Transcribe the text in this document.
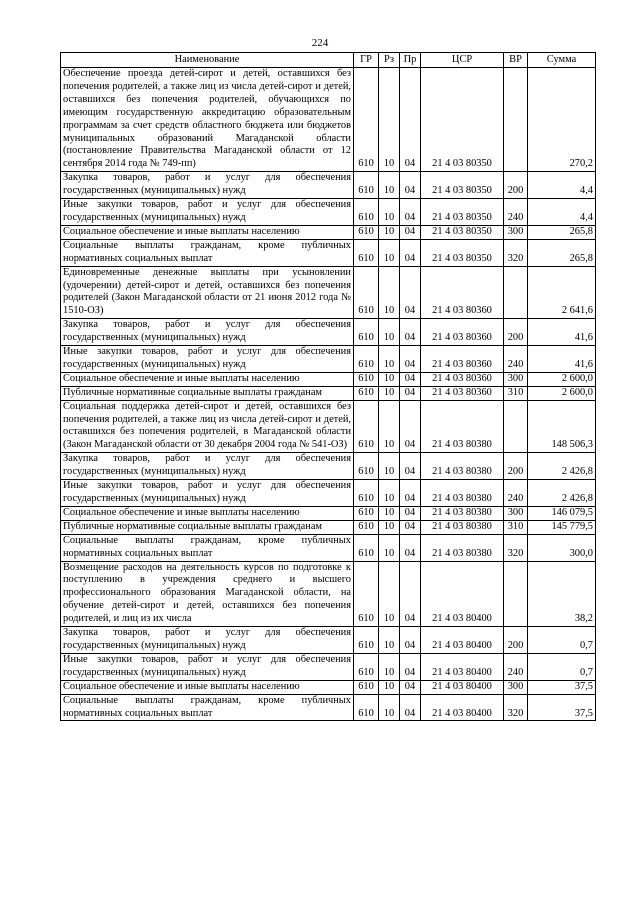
224
Наименование	ГР	Рз	Пр	ЦСР	ВР	Сумма
Обеспечение проезда детей-сирот и детей, оставшихся без попечения родителей, а также лиц из числа детей-сирот и детей, оставшихся без попечения родителей, обучающихся по имеющим государственную аккредитацию образовательным программам за счет средств областного бюджета или бюджетов муниципальных образований Магаданской области (постановление Правительства Магаданской области от 12 сентября 2014 года № 749-пп)	610	10	04	21 4 03 80350		270,2
Закупка товаров, работ и услуг для обеспечения государственных (муниципальных) нужд	610	10	04	21 4 03 80350	200	4,4
Иные закупки товаров, работ и услуг для обеспечения государственных (муниципальных) нужд	610	10	04	21 4 03 80350	240	4,4
Социальное обеспечение и иные выплаты населению	610	10	04	21 4 03 80350	300	265,8
Социальные выплаты гражданам, кроме публичных нормативных социальных выплат	610	10	04	21 4 03 80350	320	265,8
Единовременные денежные выплаты при усыновлении (удочерении) детей-сирот и детей, оставшихся без попечения родителей (Закон Магаданской области от 21 июня 2012 года № 1510-ОЗ)	610	10	04	21 4 03 80360		2 641,6
Закупка товаров, работ и услуг для обеспечения государственных (муниципальных) нужд	610	10	04	21 4 03 80360	200	41,6
Иные закупки товаров, работ и услуг для обеспечения государственных (муниципальных) нужд	610	10	04	21 4 03 80360	240	41,6
Социальное обеспечение и иные выплаты населению	610	10	04	21 4 03 80360	300	2 600,0
Публичные нормативные социальные выплаты гражданам	610	10	04	21 4 03 80360	310	2 600,0
Социальная поддержка детей-сирот и детей, оставшихся без попечения родителей, а также лиц из числа детей-сирот и детей, оставшихся без попечения родителей, в Магаданской области (Закон Магаданской области от 30 декабря 2004 года № 541-ОЗ)	610	10	04	21 4 03 80380		148 506,3
Закупка товаров, работ и услуг для обеспечения государственных (муниципальных) нужд	610	10	04	21 4 03 80380	200	2 426,8
Иные закупки товаров, работ и услуг для обеспечения государственных (муниципальных) нужд	610	10	04	21 4 03 80380	240	2 426,8
Социальное обеспечение и иные выплаты населению	610	10	04	21 4 03 80380	300	146 079,5
Публичные нормативные социальные выплаты гражданам	610	10	04	21 4 03 80380	310	145 779,5
Социальные выплаты гражданам, кроме публичных нормативных социальных выплат	610	10	04	21 4 03 80380	320	300,0
Возмещение расходов на деятельность курсов по подготовке к поступлению в учреждения среднего и высшего профессионального образования Магаданской области, на обучение детей-сирот и детей, оставшихся без попечения родителей, и лиц из их числа	610	10	04	21 4 03 80400		38,2
Закупка товаров, работ и услуг для обеспечения государственных (муниципальных) нужд	610	10	04	21 4 03 80400	200	0,7
Иные закупки товаров, работ и услуг для обеспечения государственных (муниципальных) нужд	610	10	04	21 4 03 80400	240	0,7
Социальное обеспечение и иные выплаты населению	610	10	04	21 4 03 80400	300	37,5
Социальные выплаты гражданам, кроме публичных нормативных социальных выплат	610	10	04	21 4 03 80400	320	37,5
